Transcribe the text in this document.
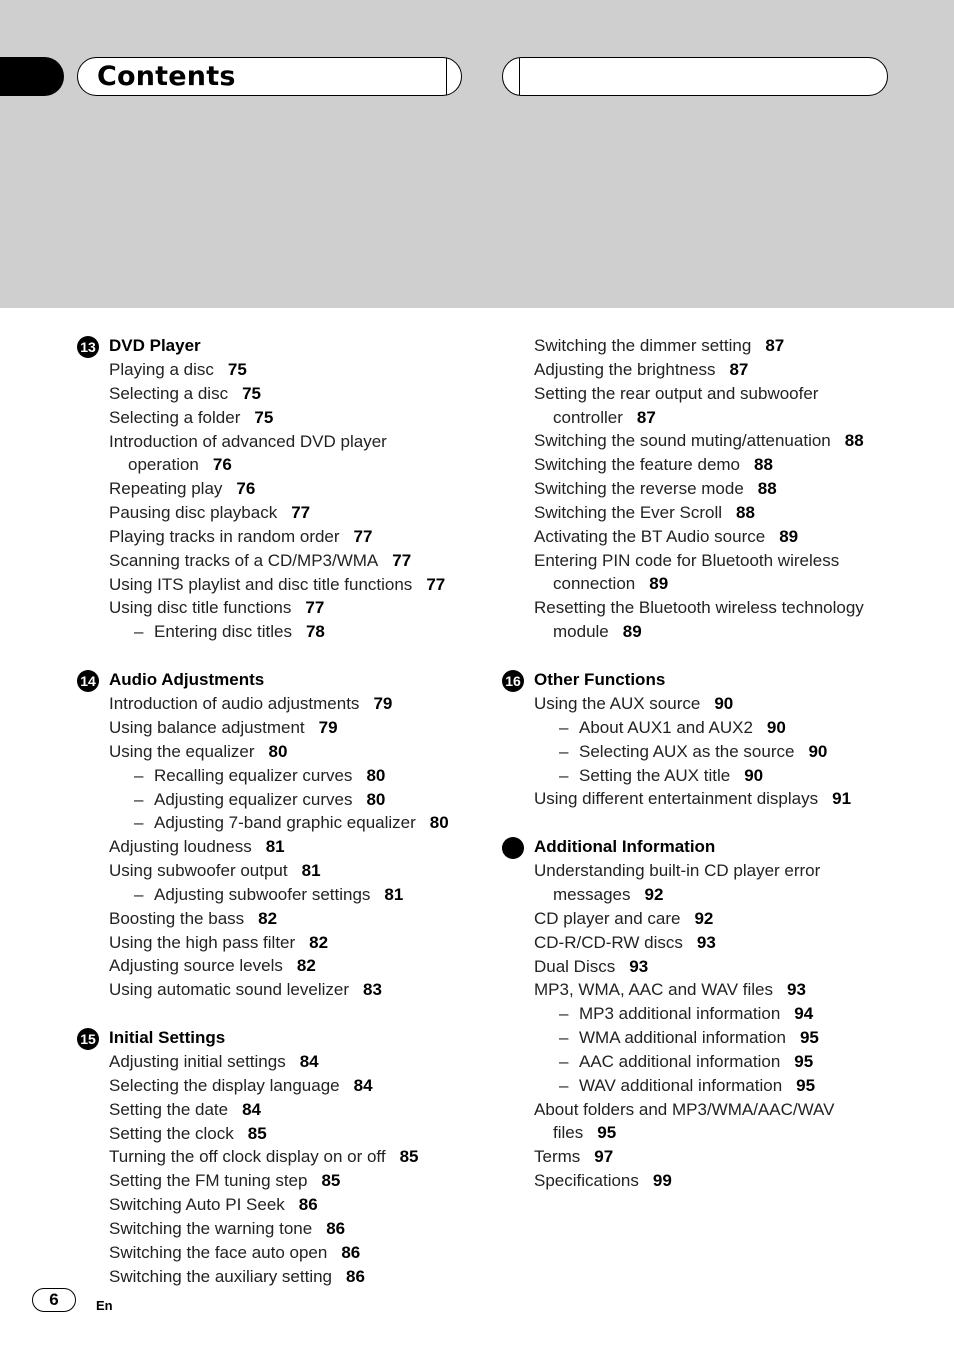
Contents
13 DVD Player
Playing a disc 75
Selecting a disc 75
Selecting a folder 75
Introduction of advanced DVD player
operation 76
Repeating play 76
Pausing disc playback 77
Playing tracks in random order 77
Scanning tracks of a CD/MP3/WMA 77
Using ITS playlist and disc title functions 77
Using disc title functions 77
– Entering disc titles 78
14 Audio Adjustments
Introduction of audio adjustments 79
Using balance adjustment 79
Using the equalizer 80
– Recalling equalizer curves 80
– Adjusting equalizer curves 80
– Adjusting 7-band graphic equalizer 80
Adjusting loudness 81
Using subwoofer output 81
– Adjusting subwoofer settings 81
Boosting the bass 82
Using the high pass filter 82
Adjusting source levels 82
Using automatic sound levelizer 83
15 Initial Settings
Adjusting initial settings 84
Selecting the display language 84
Setting the date 84
Setting the clock 85
Turning the off clock display on or off 85
Setting the FM tuning step 85
Switching Auto PI Seek 86
Switching the warning tone 86
Switching the face auto open 86
Switching the auxiliary setting 86
Switching the dimmer setting 87
Adjusting the brightness 87
Setting the rear output and subwoofer
controller 87
Switching the sound muting/attenuation 88
Switching the feature demo 88
Switching the reverse mode 88
Switching the Ever Scroll 88
Activating the BT Audio source 89
Entering PIN code for Bluetooth wireless
connection 89
Resetting the Bluetooth wireless technology
module 89
16 Other Functions
Using the AUX source 90
– About AUX1 and AUX2 90
– Selecting AUX as the source 90
– Setting the AUX title 90
Using different entertainment displays 91
Additional Information
Understanding built-in CD player error
messages 92
CD player and care 92
CD-R/CD-RW discs 93
Dual Discs 93
MP3, WMA, AAC and WAV files 93
– MP3 additional information 94
– WMA additional information 95
– AAC additional information 95
– WAV additional information 95
About folders and MP3/WMA/AAC/WAV
files 95
Terms 97
Specifications 99
6	En
